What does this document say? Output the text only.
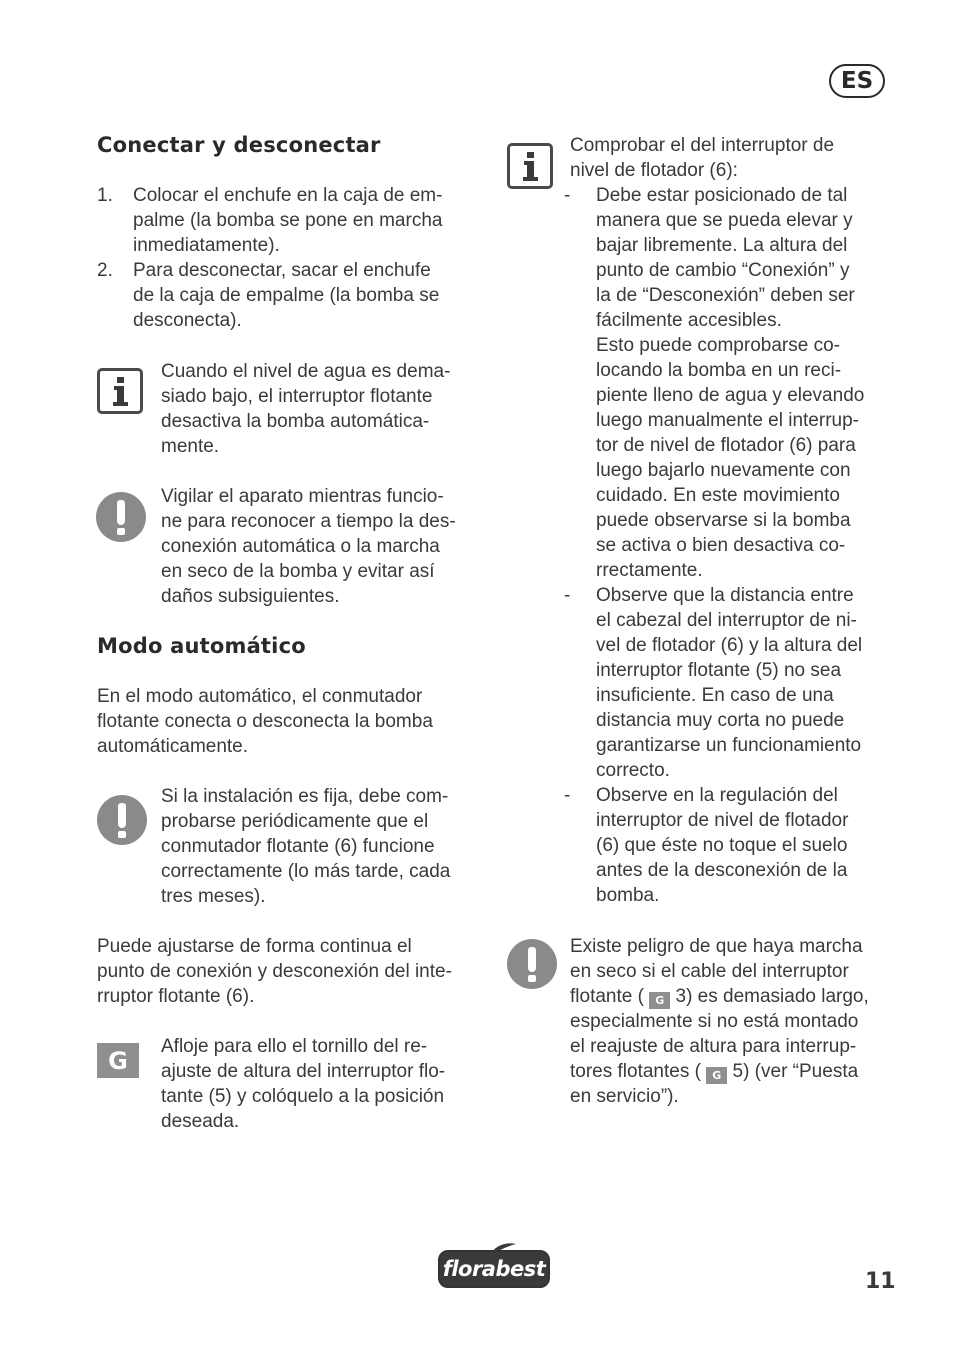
ES
Conectar y desconectar
1. Colocar el enchufe en la caja de em-
palme (la bomba se pone en marcha
inmediatamente).
2. Para desconectar, sacar el enchufe
de la caja de empalme (la bomba se
desconecta).
Cuando el nivel de agua es dema-
siado bajo, el interruptor flotante
desactiva la bomba automática-
mente.
Vigilar el aparato mientras funcio-
ne para reconocer a tiempo la des-
conexión automática o la marcha
en seco de la bomba y evitar así
daños subsiguientes.
Modo automático
En el modo automático, el conmutador
flotante conecta o desconecta la bomba
automáticamente.
Si la instalación es fija, debe com-
probarse periódicamente que el
conmutador flotante (6) funcione
correctamente (lo más tarde, cada
tres meses).
Puede ajustarse de forma continua el
punto de conexión y desconexión del inte-
rruptor flotante (6).
G	Afloje para ello el tornillo del re-
ajuste de altura del interruptor flo-
tante (5) y colóquelo a la posición
deseada.
Comprobar el del interruptor de
nivel de flotador (6):
- Debe estar posicionado de tal
manera que se pueda elevar y
bajar libremente. La altura del
punto de cambio “Conexión” y
la de “Desconexión” deben ser
fácilmente accesibles.
Esto puede comprobarse co-
locando la bomba en un reci-
piente lleno de agua y elevando
luego manualmente el interrup-
tor de nivel de flotador (6) para
luego bajarlo nuevamente con
cuidado. En este movimiento
puede observarse si la bomba
se activa o bien desactiva co-
rrectamente.
- Observe que la distancia entre
el cabezal del interruptor de ni-
vel de flotador (6) y la altura del
interruptor flotante (5) no sea
insuficiente. En caso de una
distancia muy corta no puede
garantizarse un funcionamiento
correcto.
- Observe en la regulación del
interruptor de nivel de flotador
(6) que éste no toque el suelo
antes de la desconexión de la
bomba.
Existe peligro de que haya marcha
en seco si el cable del interruptor
flotante ( G 3) es demasiado largo,
especialmente si no está montado
el reajuste de altura para interrup-
tores flotantes ( G 5) (ver “Puesta
en servicio”).
florabest	11
